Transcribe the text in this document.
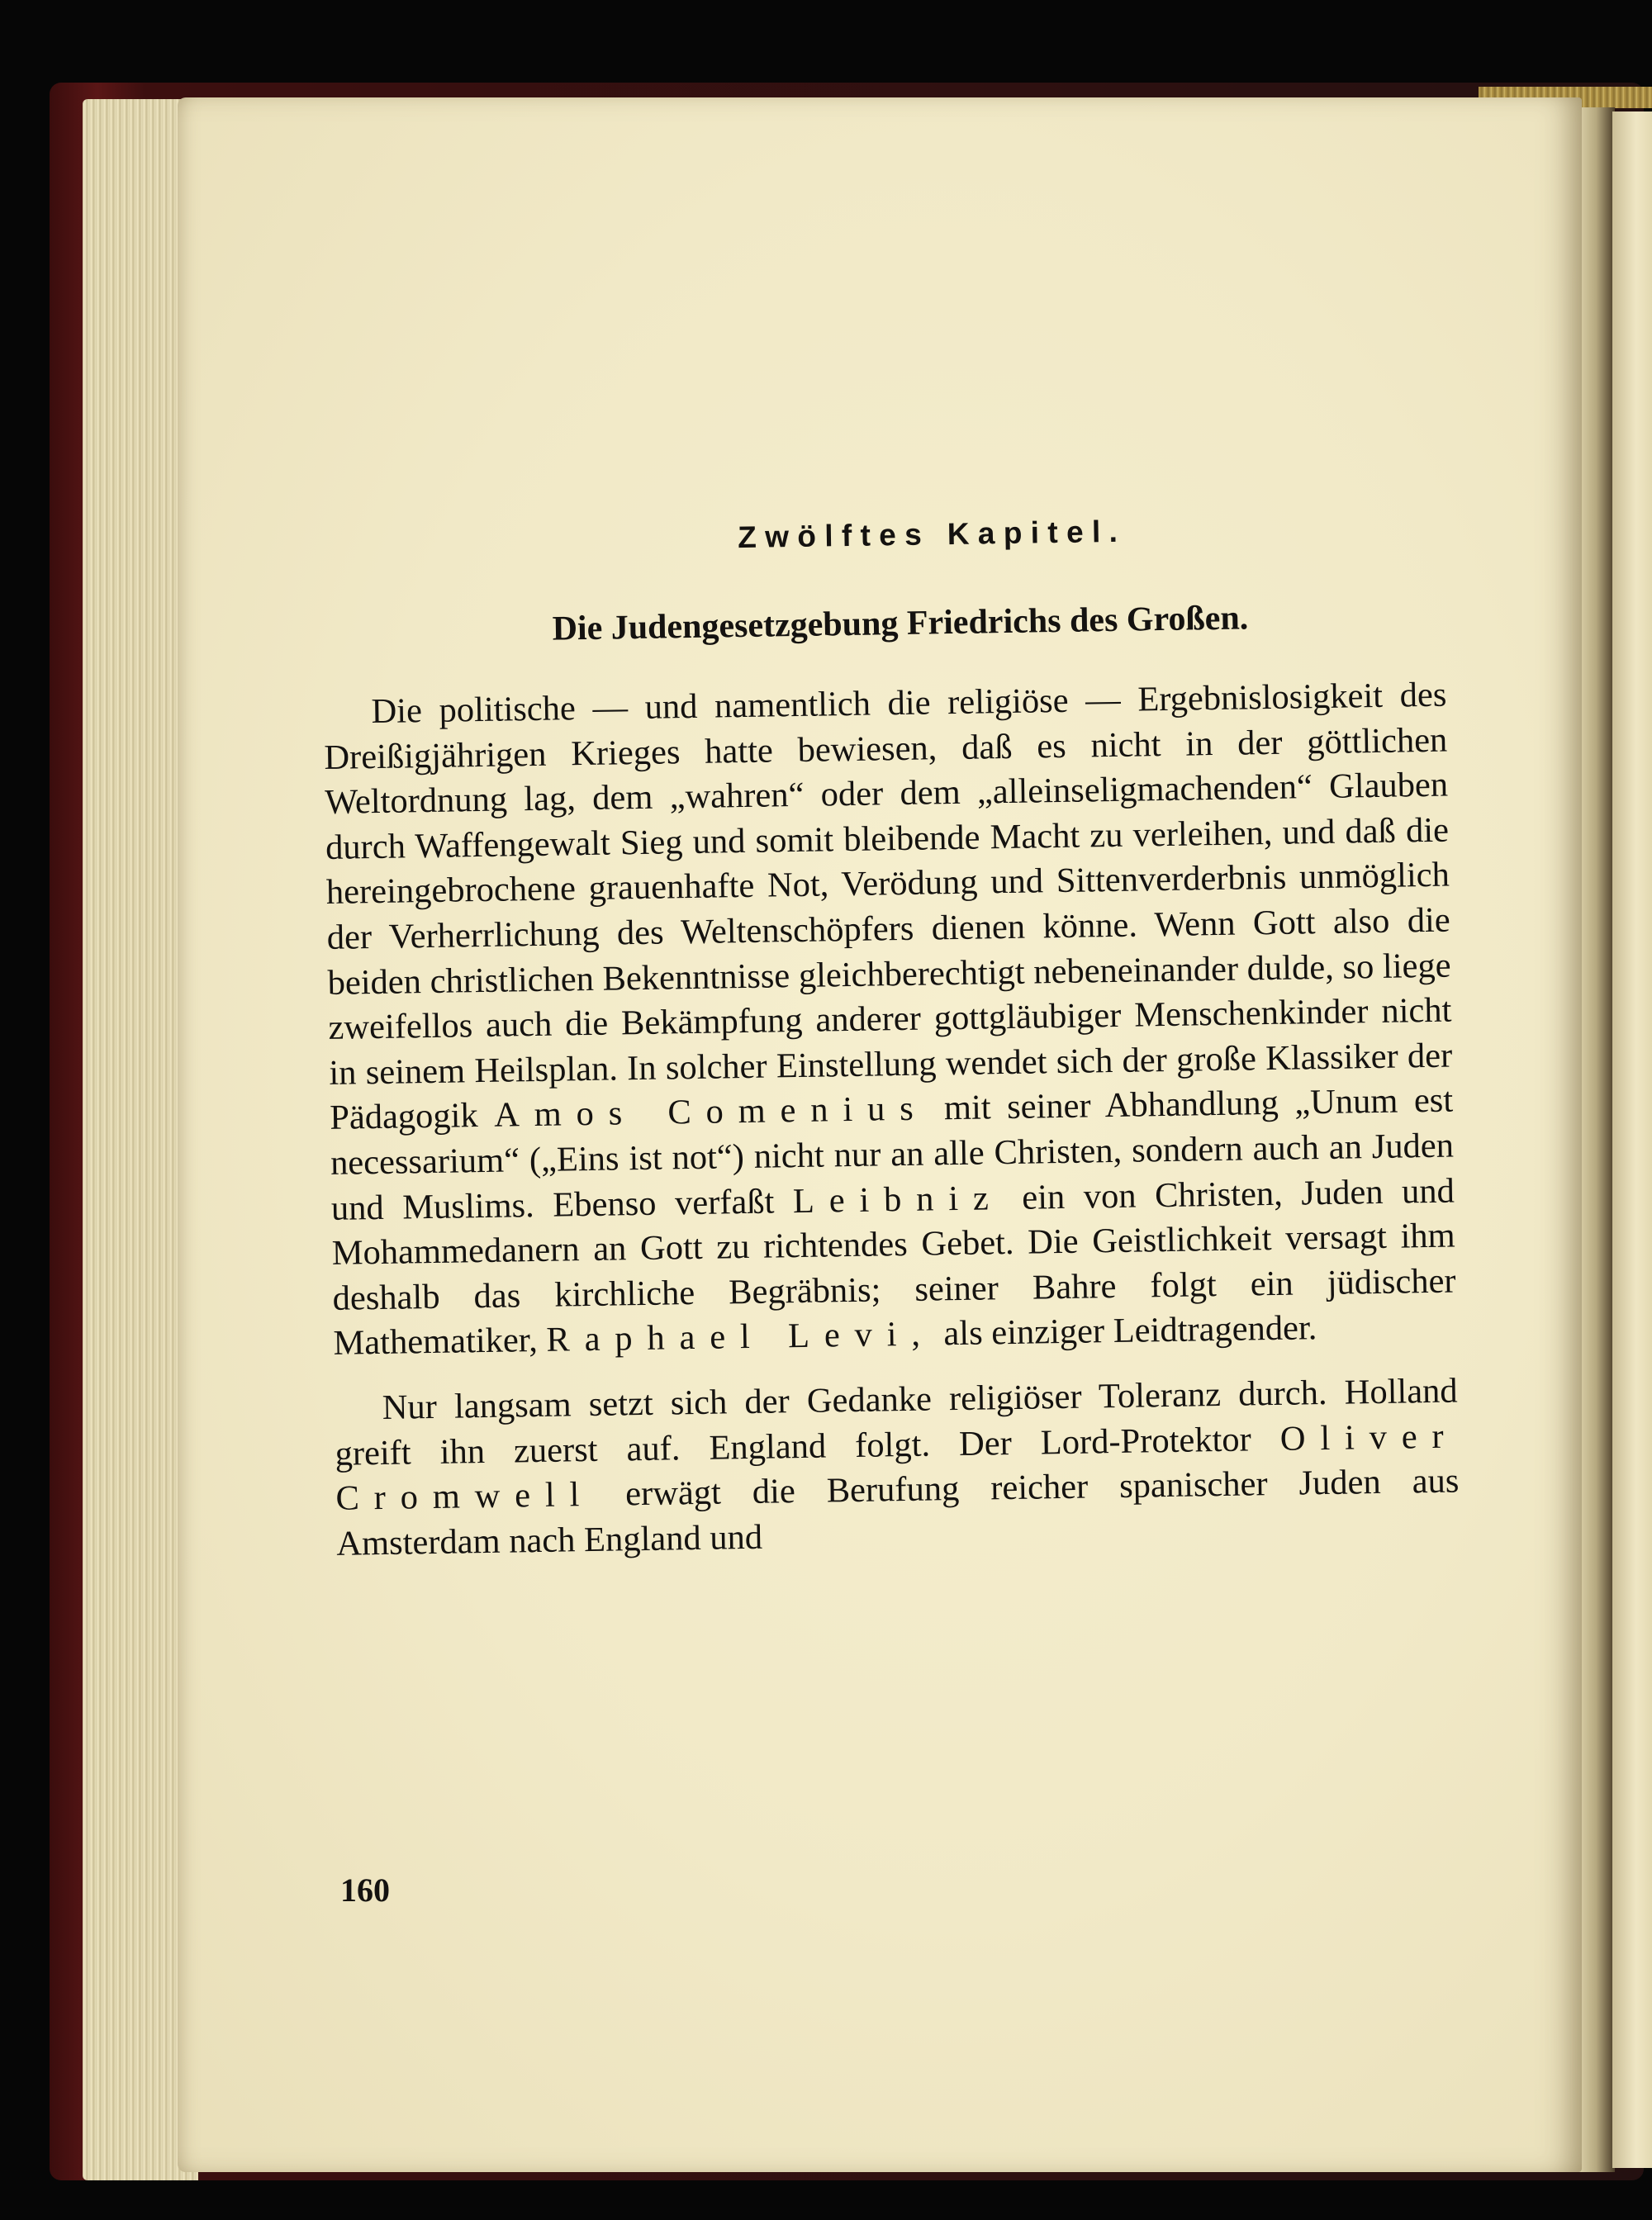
Zwölftes Kapitel.
Die Judengesetzgebung Friedrichs des Großen.

Die politische — und namentlich die religiöse — Ergebnislosigkeit des Dreißigjährigen Krieges hatte bewiesen, daß es nicht in der göttlichen Weltordnung lag, dem „wahren“ oder dem „alleinseligmachenden“ Glauben durch Waffengewalt Sieg und somit bleibende Macht zu verleihen, und daß die hereingebrochene grauenhafte Not, Verödung und Sittenverderbnis unmöglich der Verherrlichung des Weltenschöpfers dienen könne. Wenn Gott also die beiden christlichen Bekenntnisse gleichberechtigt nebeneinander dulde, so liege zweifellos auch die Bekämpfung anderer gottgläubiger Menschenkinder nicht in seinem Heilsplan. In solcher Einstellung wendet sich der große Klassiker der Pädagogik Amos Comenius mit seiner Abhandlung „Unum est necessarium“ („Eins ist not“) nicht nur an alle Christen, sondern auch an Juden und Muslims. Ebenso verfaßt Leibniz ein von Christen, Juden und Mohammedanern an Gott zu richtendes Gebet. Die Geistlichkeit versagt ihm deshalb das kirchliche Begräbnis; seiner Bahre folgt ein jüdischer Mathematiker, Raphael Levi, als einziger Leidtragender.

Nur langsam setzt sich der Gedanke religiöser Toleranz durch. Holland greift ihn zuerst auf. England folgt. Der Lord-Protektor Oliver Cromwell erwägt die Berufung reicher spanischer Juden aus Amsterdam nach England und

160
